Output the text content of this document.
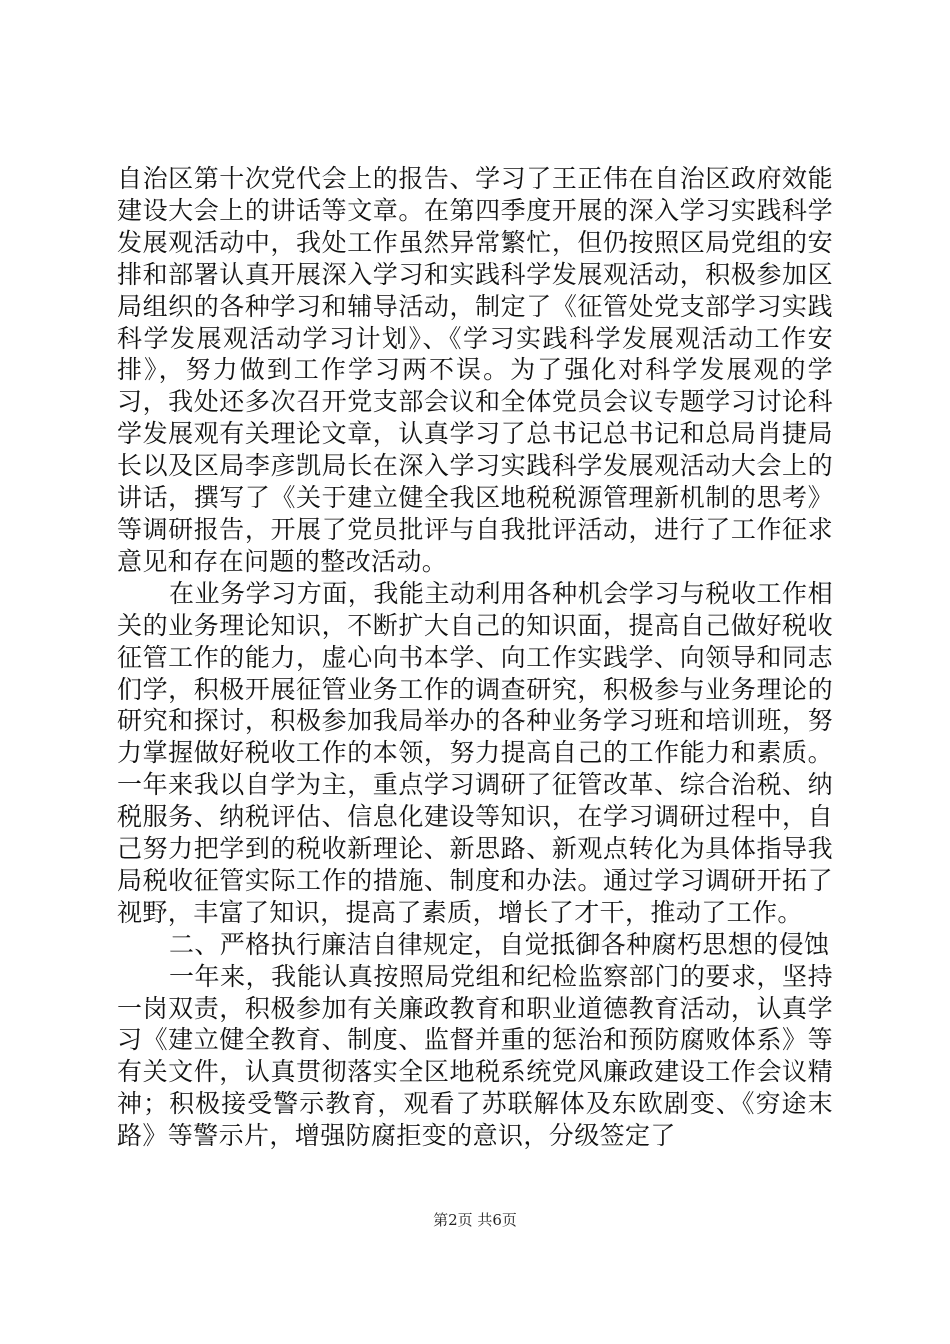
自治区第十次党代会上的报告、学习了王正伟在自治区政府效能建设大会上的讲话等文章。在第四季度开展的深入学习实践科学发展观活动中，我处工作虽然异常繁忙，但仍按照区局党组的安排和部署认真开展深入学习和实践科学发展观活动，积极参加区局组织的各种学习和辅导活动，制定了《征管处党支部学习实践科学发展观活动学习计划》、《学习实践科学发展观活动工作安排》，努力做到工作学习两不误。为了强化对科学发展观的学习，我处还多次召开党支部会议和全体党员会议专题学习讨论科学发展观有关理论文章，认真学习了总书记总书记和总局肖捷局长以及区局李彦凯局长在深入学习实践科学发展观活动大会上的讲话，撰写了《关于建立健全我区地税税源管理新机制的思考》等调研报告，开展了党员批评与自我批评活动，进行了工作征求意见和存在问题的整改活动。

在业务学习方面，我能主动利用各种机会学习与税收工作相关的业务理论知识，不断扩大自己的知识面，提高自己做好税收征管工作的能力，虚心向书本学、向工作实践学、向领导和同志们学，积极开展征管业务工作的调查研究，积极参与业务理论的研究和探讨，积极参加我局举办的各种业务学习班和培训班，努力掌握做好税收工作的本领，努力提高自己的工作能力和素质。一年来我以自学为主，重点学习调研了征管改革、综合治税、纳税服务、纳税评估、信息化建设等知识，在学习调研过程中，自己努力把学到的税收新理论、新思路、新观点转化为具体指导我局税收征管实际工作的措施、制度和办法。通过学习调研开拓了视野，丰富了知识，提高了素质，增长了才干，推动了工作。

二、严格执行廉洁自律规定，自觉抵御各种腐朽思想的侵蚀

一年来，我能认真按照局党组和纪检监察部门的要求，坚持一岗双责，积极参加有关廉政教育和职业道德教育活动，认真学习《建立健全教育、制度、监督并重的惩治和预防腐败体系》等有关文件，认真贯彻落实全区地税系统党风廉政建设工作会议精神；积极接受警示教育，观看了苏联解体及东欧剧变、《穷途末路》等警示片，增强防腐拒变的意识，分级签定了

第2页 共6页
